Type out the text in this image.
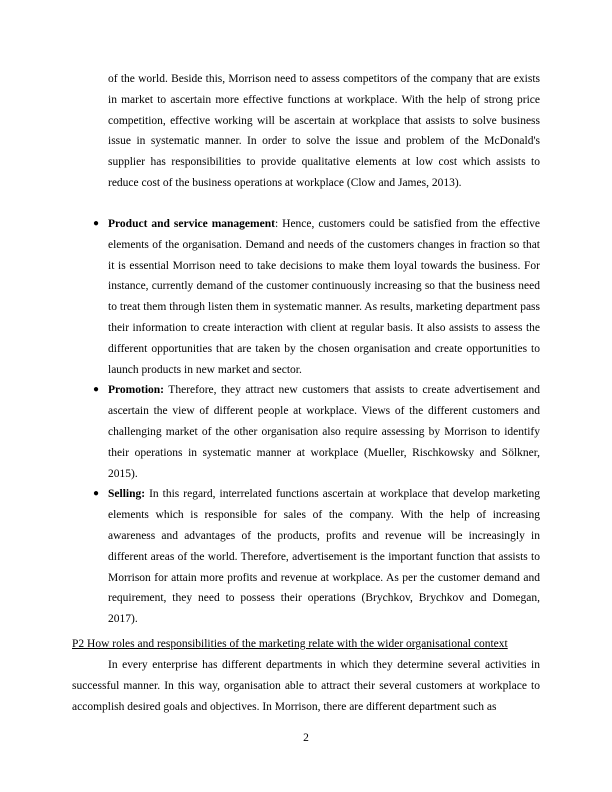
of the world. Beside this, Morrison need to assess competitors of the company that are exists in market to ascertain more effective functions at workplace. With the help of strong price competition, effective working will be ascertain at workplace that assists to solve business issue in systematic manner. In order to solve the issue and problem of the McDonald's supplier has responsibilities to provide qualitative elements at low cost which assists to reduce cost of the business operations at workplace (Clow and James, 2013).

● Product and service management: Hence, customers could be satisfied from the effective elements of the organisation. Demand and needs of the customers changes in fraction so that it is essential Morrison need to take decisions to make them loyal towards the business. For instance, currently demand of the customer continuously increasing so that the business need to treat them through listen them in systematic manner. As results, marketing department pass their information to create interaction with client at regular basis. It also assists to assess the different opportunities that are taken by the chosen organisation and create opportunities to launch products in new market and sector.
● Promotion: Therefore, they attract new customers that assists to create advertisement and ascertain the view of different people at workplace. Views of the different customers and challenging market of the other organisation also require assessing by Morrison to identify their operations in systematic manner at workplace (Mueller, Rischkowsky and Sölkner, 2015).
● Selling: In this regard, interrelated functions ascertain at workplace that develop marketing elements which is responsible for sales of the company. With the help of increasing awareness and advantages of the products, profits and revenue will be increasingly in different areas of the world. Therefore, advertisement is the important function that assists to Morrison for attain more profits and revenue at workplace. As per the customer demand and requirement, they need to possess their operations (Brychkov, Brychkov and Domegan, 2017).
P2 How roles and responsibilities of the marketing relate with the wider organisational context

In every enterprise has different departments in which they determine several activities in successful manner. In this way, organisation able to attract their several customers at workplace to accomplish desired goals and objectives. In Morrison, there are different department such as

2
